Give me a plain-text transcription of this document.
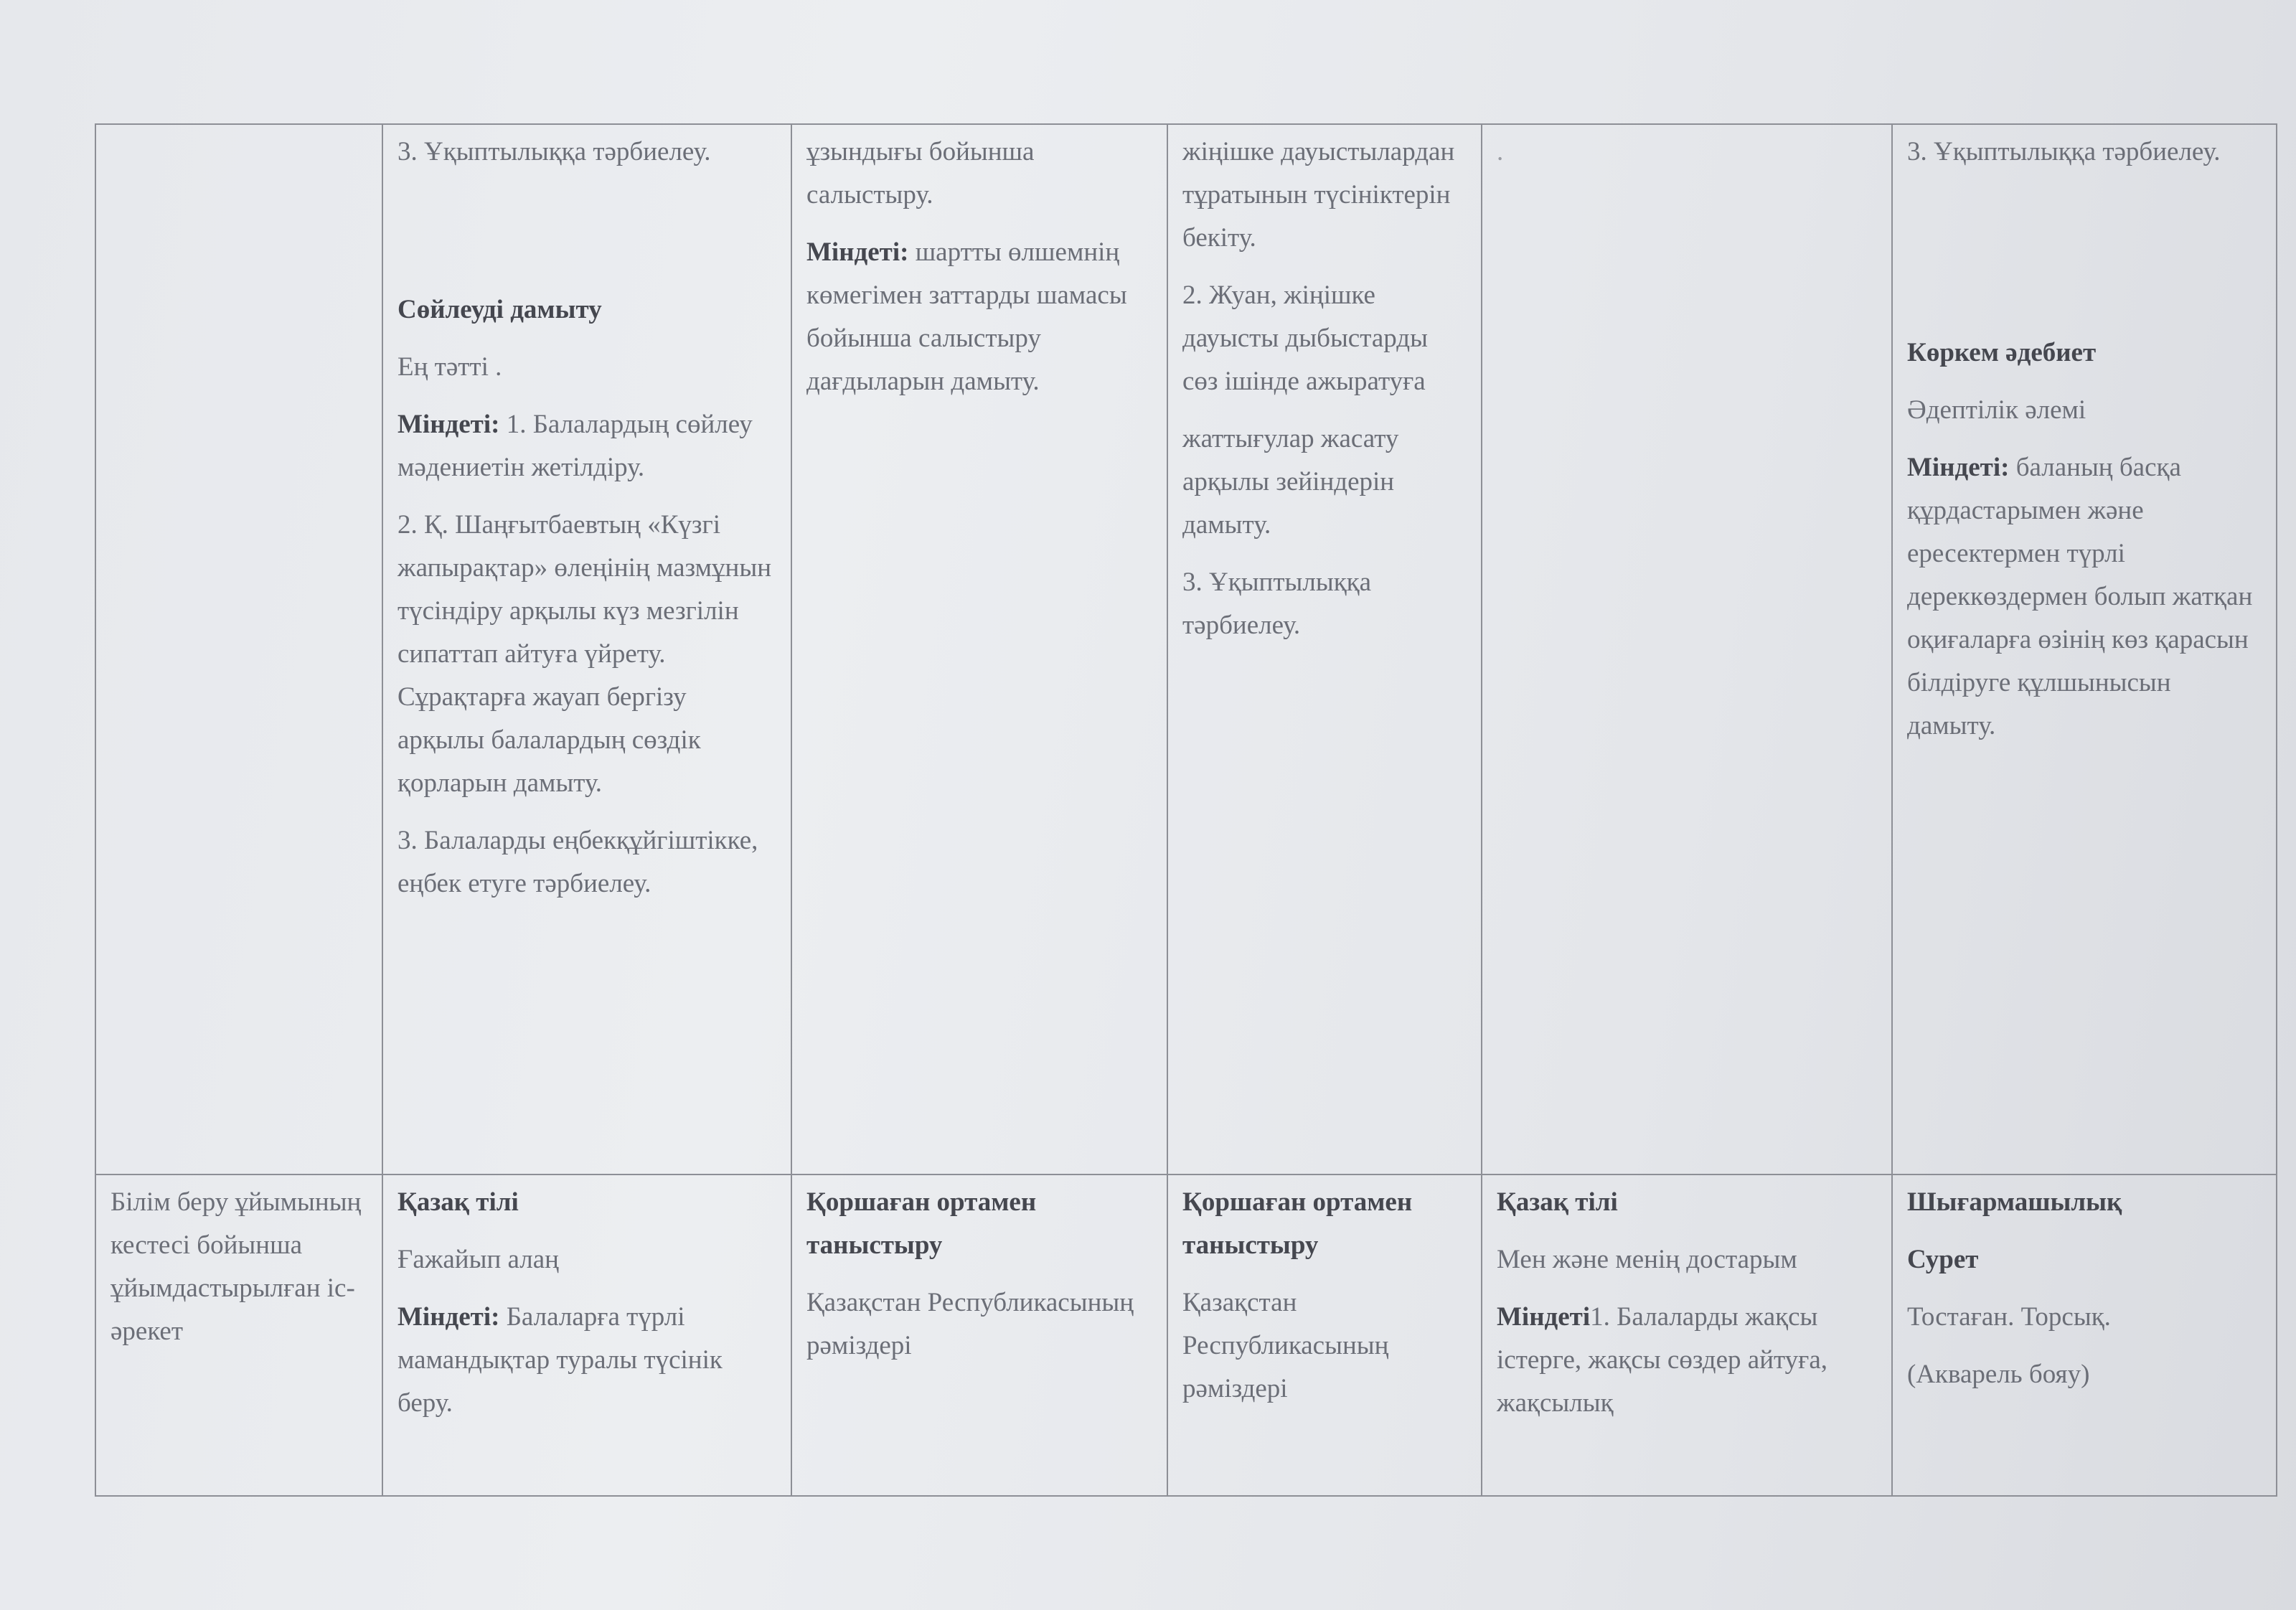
3. Ұқыптылыққа тәрбиелеу.

Сөйлеуді дамыту

Ең тәтті .

Міндеті: 1. Балалардың сөйлеу мәдениетін жетілдіру.

2. Қ. Шаңғытбаевтың «Күзгі жапырақтар» өлеңінің мазмұнын түсіндіру арқылы күз мезгілін сипаттап айтуға үйрету. Сұрақтарға жауап бергізу арқылы балалардың сөздік қорларын дамыту.

3. Балаларды еңбекқұйгіштікке, еңбек етуге тәрбиелеу.

ұзындығы бойынша салыстыру.

Міндеті: шартты өлшемнің көмегімен заттарды шамасы бойынша салыстыру дағдыларын дамыту.

жіңішке дауыстылардан тұратынын түсініктерін бекіту.

2. Жуан, жіңішке дауысты дыбыстарды сөз ішінде ажыратуға

жаттығулар жасату арқылы зейіндерін дамыту.

3. Ұқыптылыққа тәрбиелеу.

.	3. Ұқыптылыққа тәрбиелеу.

Көркем әдебиет

Әдептілік әлемі

Міндеті: баланың басқа құрдастарымен және ересектермен түрлі дереккөздермен болып жатқан оқиғаларға өзінің көз қарасын білдіруге құлшынысын дамыту.

Білім беру ұйымының кестесі бойынша ұйымдастырылған іс-әрекет

Қазақ тілі

Ғажайып алаң

Міндеті: Балаларға түрлі мамандықтар туралы түсінік беру.

Қоршаған ортамен таныстыру

Қазақстан Республикасының рәміздері

Қоршаған ортамен таныстыру

Қазақстан Республикасының рәміздері

Қазақ тілі

Мен және менің достарым

Міндеті1. Балаларды жақсы істерге, жақсы сөздер айтуға, жақсылық

Шығармашылық

Сурет

Тостаған. Торсық.

(Акварель бояу)
